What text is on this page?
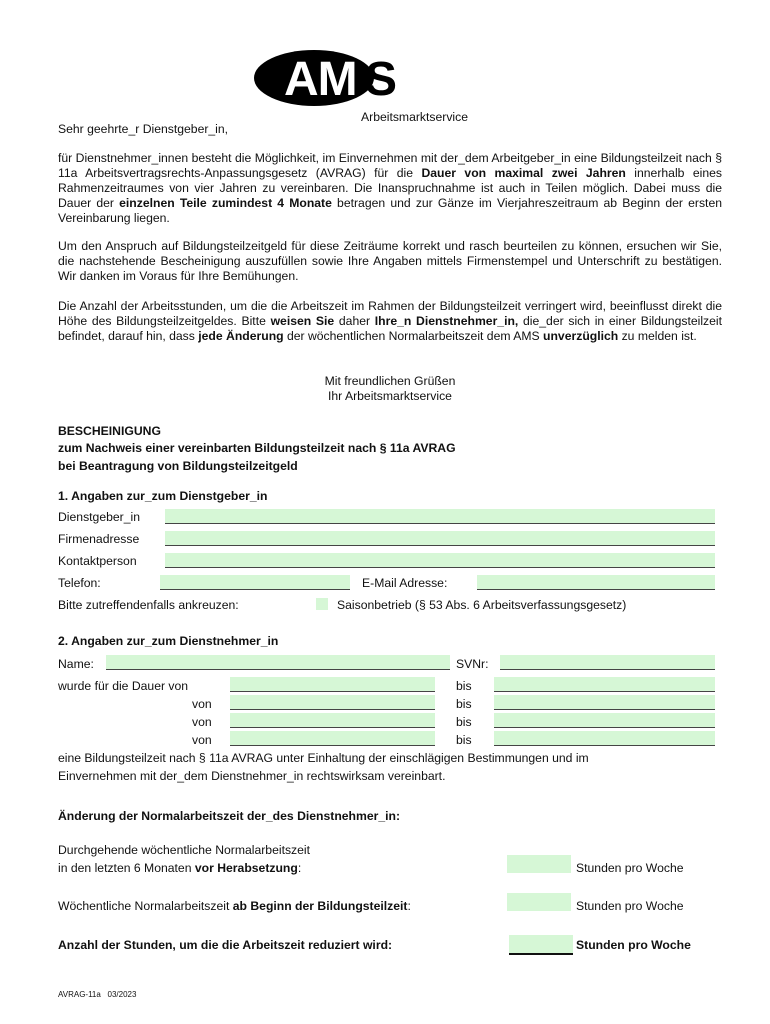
AM S
Arbeitsmarktservice
Sehr geehrte_r Dienstgeber_in,
für Dienstnehmer_innen besteht die Möglichkeit, im Einvernehmen mit der_dem Arbeitgeber_in eine Bildungsteilzeit nach § 11a Arbeitsvertragsrechts-Anpassungsgesetz (AVRAG) für die Dauer von maximal zwei Jahren innerhalb eines Rahmenzeitraumes von vier Jahren zu vereinbaren. Die Inanspruchnahme ist auch in Teilen möglich. Dabei muss die Dauer der einzelnen Teile zumindest 4 Monate betragen und zur Gänze im Vierjahreszeitraum ab Beginn der ersten Vereinbarung liegen.
Um den Anspruch auf Bildungsteilzeitgeld für diese Zeiträume korrekt und rasch beurteilen zu können, ersuchen wir Sie, die nachstehende Bescheinigung auszufüllen sowie Ihre Angaben mittels Firmenstempel und Unterschrift zu bestätigen. Wir danken im Voraus für Ihre Bemühungen.
Die Anzahl der Arbeitsstunden, um die die Arbeitszeit im Rahmen der Bildungsteilzeit verringert wird, beeinflusst direkt die Höhe des Bildungsteilzeitgeldes. Bitte weisen Sie daher Ihre_n Dienstnehmer_in, die_der sich in einer Bildungsteilzeit befindet, darauf hin, dass jede Änderung der wöchentlichen Normalarbeitszeit dem AMS unverzüglich zu melden ist.
Mit freundlichen Grüßen
Ihr Arbeitsmarktservice
BESCHEINIGUNG
zum Nachweis einer vereinbarten Bildungsteilzeit nach § 11a AVRAG
bei Beantragung von Bildungsteilzeitgeld
1. Angaben zur_zum Dienstgeber_in
Dienstgeber_in
Firmenadresse
Kontaktperson
Telefon:	E-Mail Adresse:
Bitte zutreffendenfalls ankreuzen:	Saisonbetrieb (§ 53 Abs. 6 Arbeitsverfassungsgesetz)
2. Angaben zur_zum Dienstnehmer_in
Name:	SVNr:
wurde für die Dauer von	bis
von	bis
von	bis
von	bis
eine Bildungsteilzeit nach § 11a AVRAG unter Einhaltung der einschlägigen Bestimmungen und im
Einvernehmen mit der_dem Dienstnehmer_in rechtswirksam vereinbart.
Änderung der Normalarbeitszeit der_des Dienstnehmer_in:
Durchgehende wöchentliche Normalarbeitszeit
in den letzten 6 Monaten vor Herabsetzung:	Stunden pro Woche
Wöchentliche Normalarbeitszeit ab Beginn der Bildungsteilzeit:	Stunden pro Woche
Anzahl der Stunden, um die die Arbeitszeit reduziert wird:	Stunden pro Woche
AVRAG-11a 03/2023
